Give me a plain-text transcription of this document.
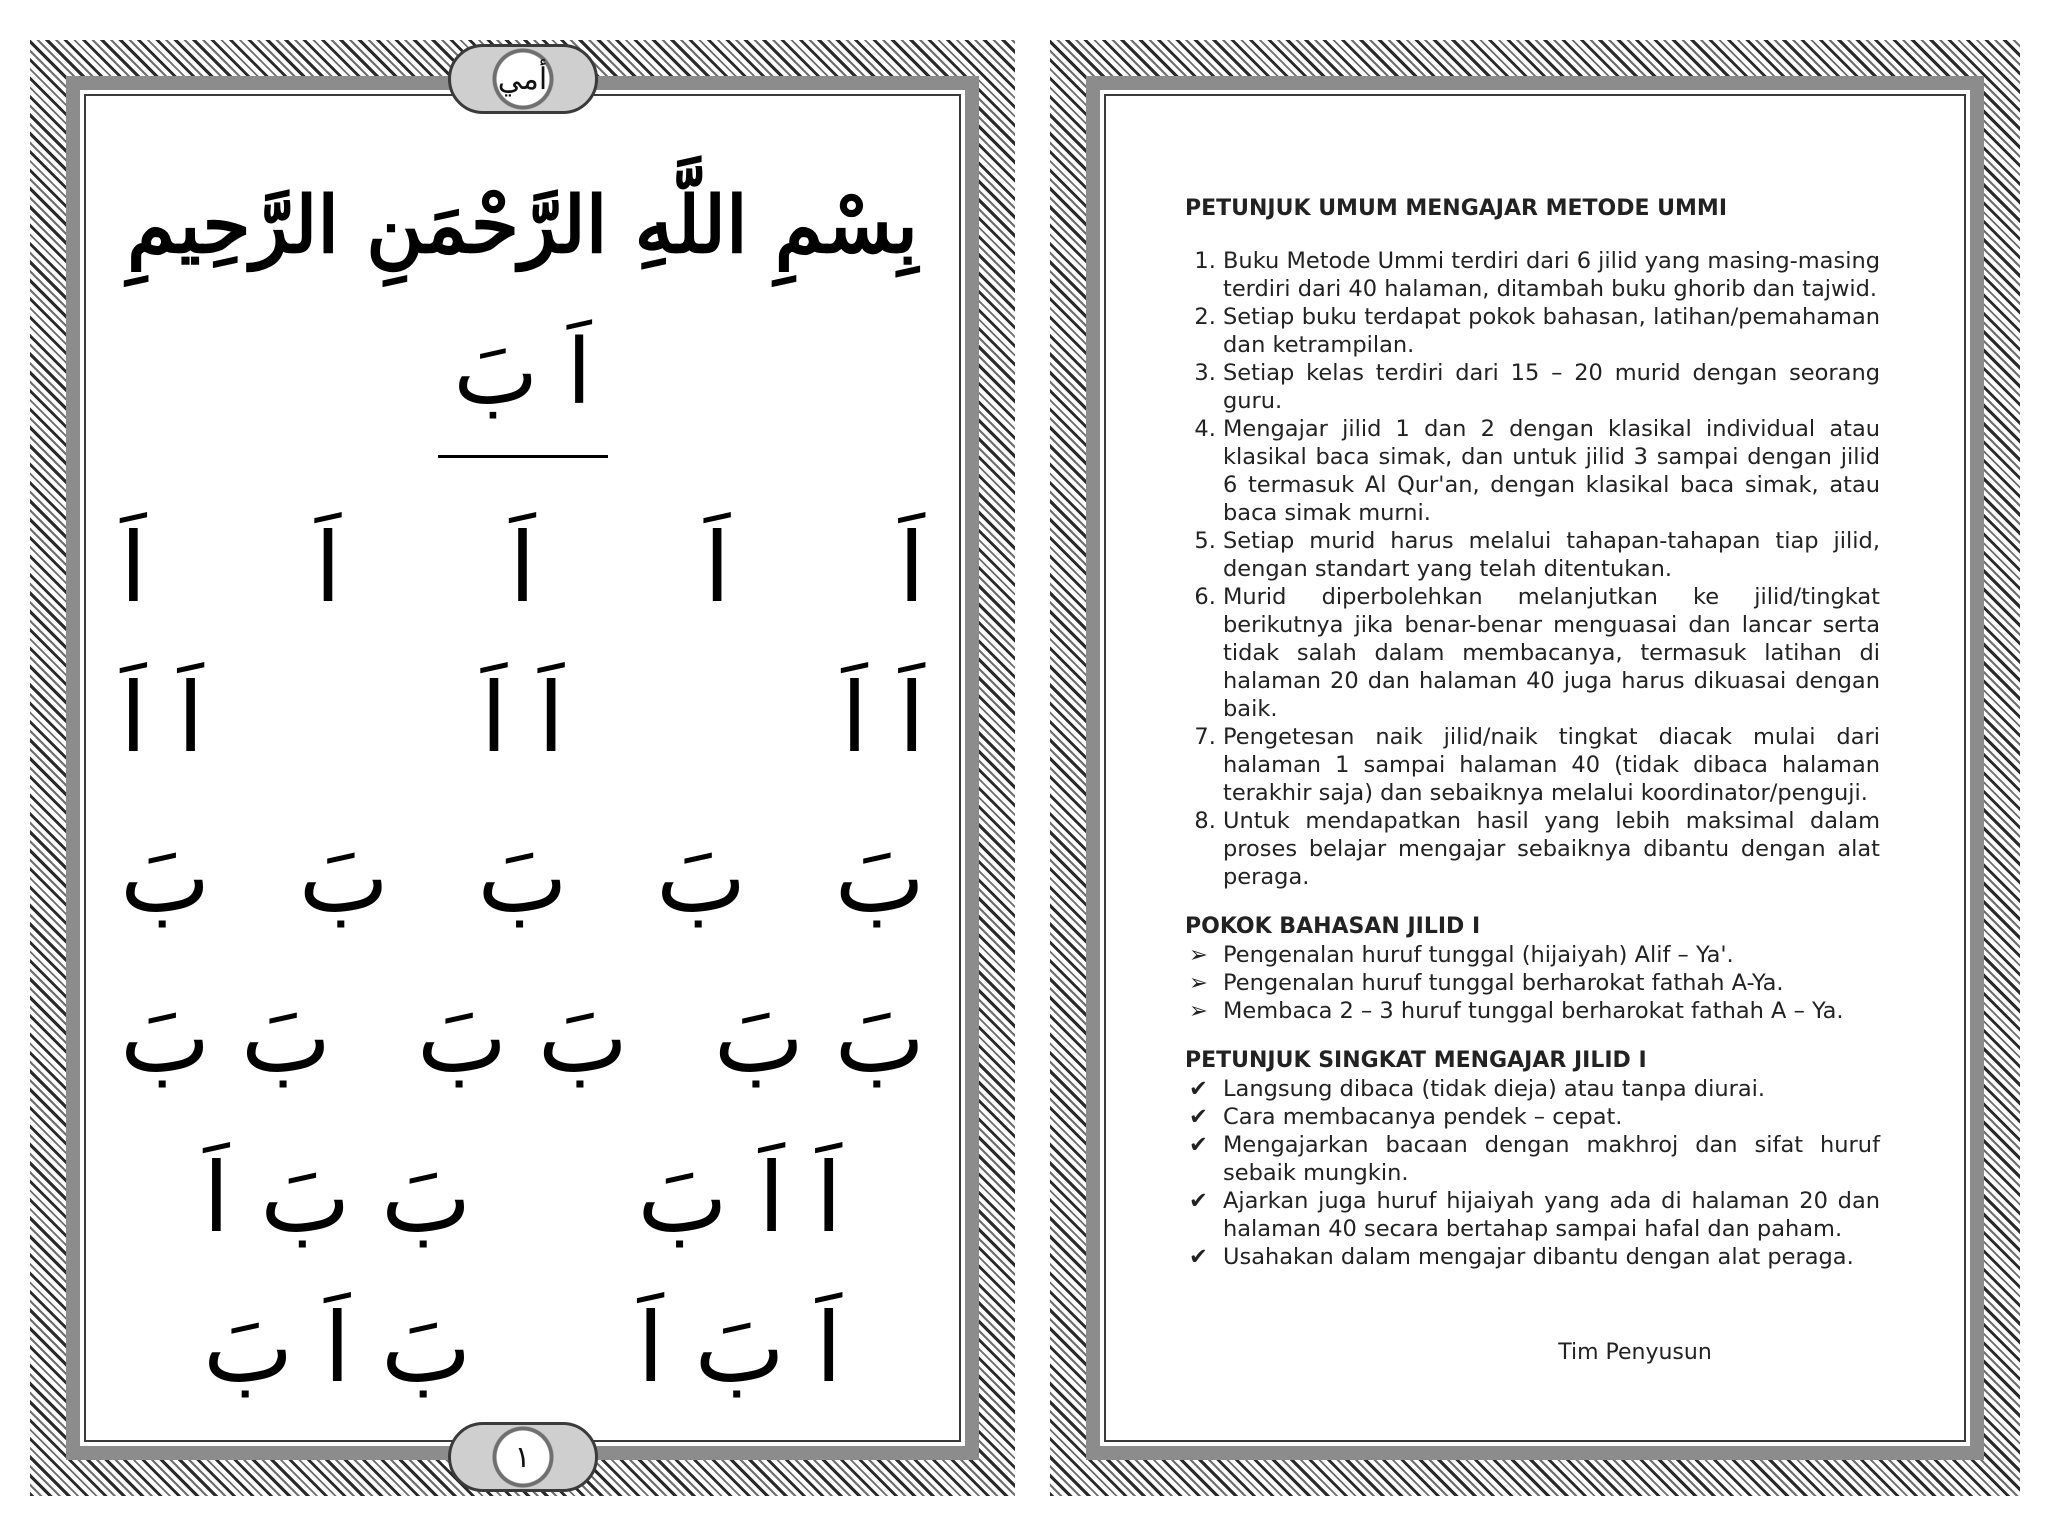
أمي
بِسْمِ اللَّهِ الرَّحْمَنِ الرَّحِيمِ
اَ بَ
اَ
اَ
اَ
اَ
اَ
اَ اَ
اَ اَ
اَ اَ
بَ
بَ
بَ
بَ
بَ
بَ بَ
بَ بَ
بَ بَ
اَ اَ بَ
بَ بَ اَ
اَ بَ اَ
بَ اَ بَ
١
PETUNJUK UMUM MENGAJAR METODE UMMI
1. Buku Metode Ummi terdiri dari 6 jilid yang masing-masing terdiri dari 40 halaman, ditambah buku ghorib dan tajwid.
2. Setiap buku terdapat pokok bahasan, latihan/pemahaman dan ketrampilan.
3. Setiap kelas terdiri dari 15 – 20 murid dengan seorang guru.
4. Mengajar jilid 1 dan 2 dengan klasikal individual atau klasikal baca simak, dan untuk jilid 3 sampai dengan jilid 6 termasuk Al Qur'an, dengan klasikal baca simak, atau baca simak murni.
5. Setiap murid harus melalui tahapan-tahapan tiap jilid, dengan standart yang telah ditentukan.
6. Murid diperbolehkan melanjutkan ke jilid/tingkat berikutnya jika benar-benar menguasai dan lancar serta tidak salah dalam membacanya, termasuk latihan di halaman 20 dan halaman 40 juga harus dikuasai dengan baik.
7. Pengetesan naik jilid/naik tingkat diacak mulai dari halaman 1 sampai halaman 40 (tidak dibaca halaman terakhir saja) dan sebaiknya melalui koordinator/penguji.
8. Untuk mendapatkan hasil yang lebih maksimal dalam proses belajar mengajar sebaiknya dibantu dengan alat peraga.
POKOK BAHASAN JILID I
➢ Pengenalan huruf tunggal (hijaiyah) Alif – Ya'.
➢ Pengenalan huruf tunggal berharokat fathah A-Ya.
➢ Membaca 2 – 3 huruf tunggal berharokat fathah A – Ya.
PETUNJUK SINGKAT MENGAJAR JILID I
✔ Langsung dibaca (tidak dieja) atau tanpa diurai.
✔ Cara membacanya pendek – cepat.
✔ Mengajarkan bacaan dengan makhroj dan sifat huruf sebaik mungkin.
✔ Ajarkan juga huruf hijaiyah yang ada di halaman 20 dan halaman 40 secara bertahap sampai hafal dan paham.
✔ Usahakan dalam mengajar dibantu dengan alat peraga.
Tim Penyusun
